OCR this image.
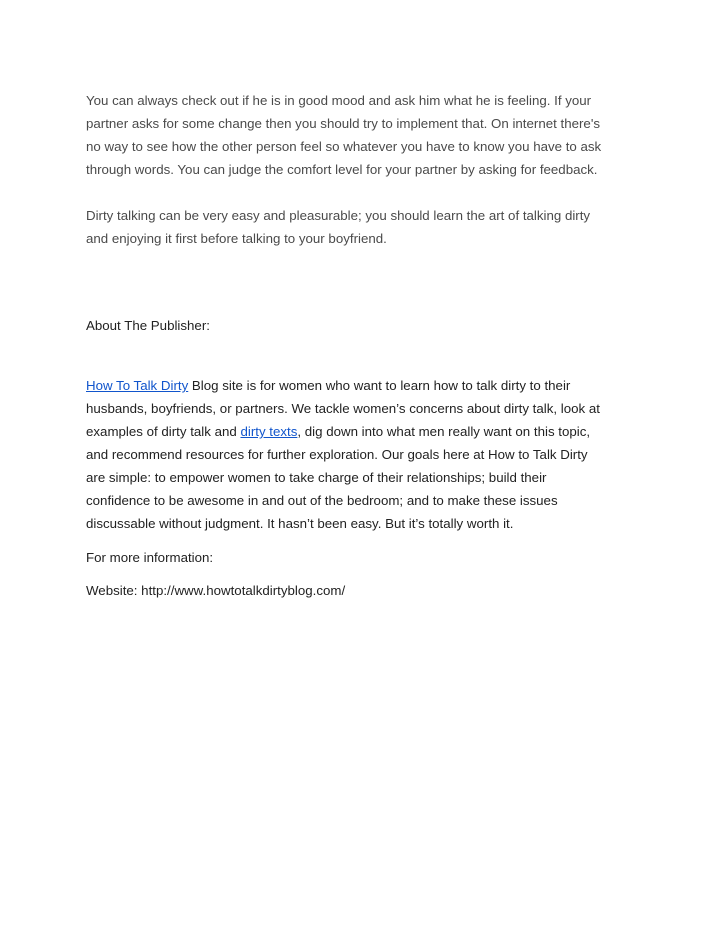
You can always check out if he is in good mood and ask him what he is feeling. If your
partner asks for some change then you should try to implement that. On internet there's
no way to see how the other person feel so whatever you have to know you have to ask
through words. You can judge the comfort level for your partner by asking for feedback.
Dirty talking can be very easy and pleasurable; you should learn the art of talking dirty
and enjoying it first before talking to your boyfriend.
About The Publisher:
How To Talk Dirty Blog site is for women who want to learn how to talk dirty to their
husbands, boyfriends, or partners. We tackle women’s concerns about dirty talk, look at
examples of dirty talk and dirty texts, dig down into what men really want on this topic,
and recommend resources for further exploration. Our goals here at How to Talk Dirty
are simple: to empower women to take charge of their relationships; build their
confidence to be awesome in and out of the bedroom; and to make these issues
discussable without judgment. It hasn’t been easy. But it’s totally worth it.
For more information:
Website: http://www.howtotalkdirtyblog.com/
